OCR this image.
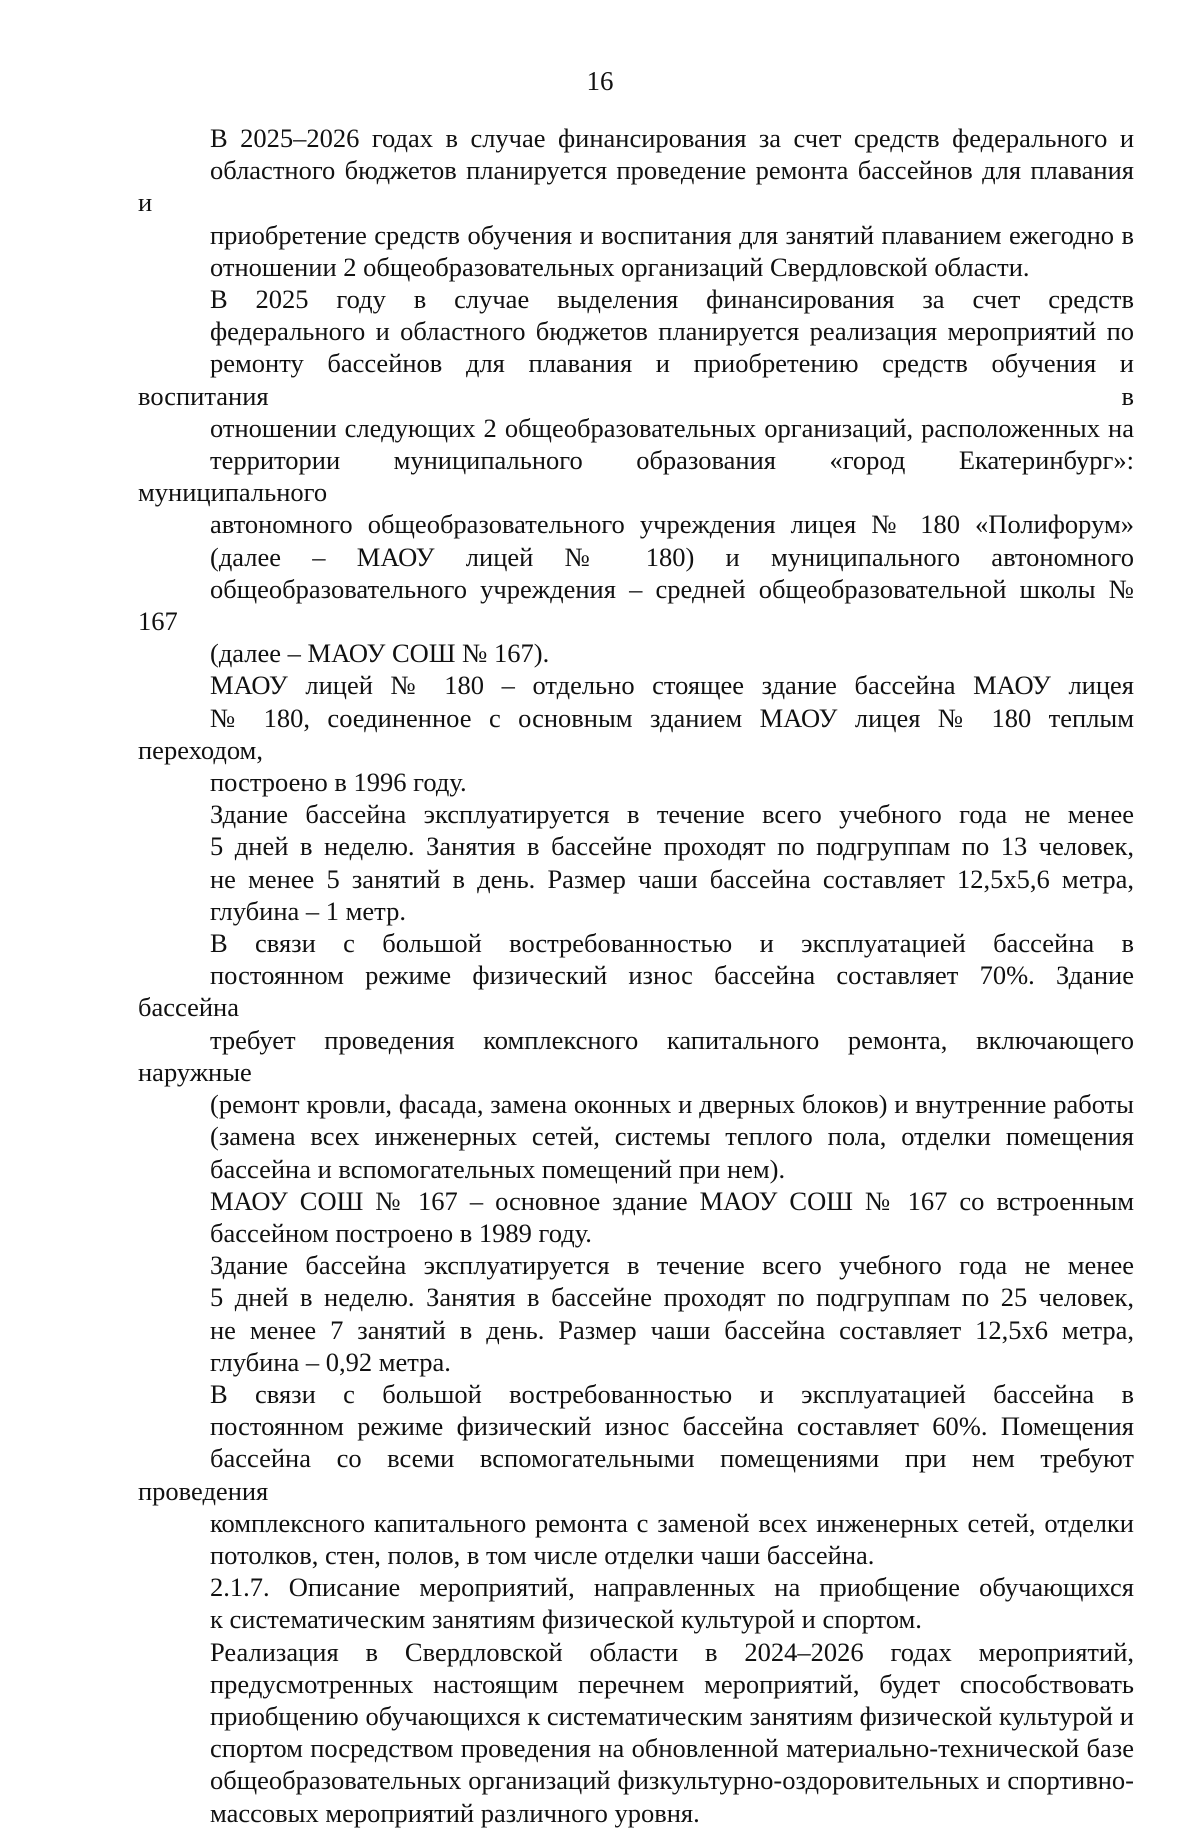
16
В 2025–2026 годах в случае финансирования за счет средств федерального и
областного бюджетов планируется проведение ремонта бассейнов для плавания и
приобретение средств обучения и воспитания для занятий плаванием ежегодно в
отношении 2 общеобразовательных организаций Свердловской области.
В 2025 году в случае выделения финансирования за счет средств
федерального и областного бюджетов планируется реализация мероприятий по
ремонту бассейнов для плавания и приобретению средств обучения и воспитания в
отношении следующих 2 общеобразовательных организаций, расположенных на
территории муниципального образования «город Екатеринбург»: муниципального
автономного общеобразовательного учреждения лицея № 180 «Полифорум»
(далее – МАОУ лицей № 180) и муниципального автономного
общеобразовательного учреждения – средней общеобразовательной школы № 167
(далее – МАОУ СОШ № 167).
МАОУ лицей № 180 – отдельно стоящее здание бассейна МАОУ лицея
№ 180, соединенное с основным зданием МАОУ лицея № 180 теплым переходом,
построено в 1996 году.
Здание бассейна эксплуатируется в течение всего учебного года не менее
5 дней в неделю. Занятия в бассейне проходят по подгруппам по 13 человек,
не менее 5 занятий в день. Размер чаши бассейна составляет 12,5х5,6 метра,
глубина – 1 метр.
В связи с большой востребованностью и эксплуатацией бассейна в
постоянном режиме физический износ бассейна составляет 70%. Здание бассейна
требует проведения комплексного капитального ремонта, включающего наружные
(ремонт кровли, фасада, замена оконных и дверных блоков) и внутренние работы
(замена всех инженерных сетей, системы теплого пола, отделки помещения
бассейна и вспомогательных помещений при нем).
МАОУ СОШ № 167 – основное здание МАОУ СОШ № 167 со встроенным
бассейном построено в 1989 году.
Здание бассейна эксплуатируется в течение всего учебного года не менее
5 дней в неделю. Занятия в бассейне проходят по подгруппам по 25 человек,
не менее 7 занятий в день. Размер чаши бассейна составляет 12,5х6 метра,
глубина – 0,92 метра.
В связи с большой востребованностью и эксплуатацией бассейна в
постоянном режиме физический износ бассейна составляет 60%. Помещения
бассейна со всеми вспомогательными помещениями при нем требуют проведения
комплексного капитального ремонта с заменой всех инженерных сетей, отделки
потолков, стен, полов, в том числе отделки чаши бассейна.
2.1.7. Описание мероприятий, направленных на приобщение обучающихся
к систематическим занятиям физической культурой и спортом.
Реализация в Свердловской области в 2024–2026 годах мероприятий,
предусмотренных настоящим перечнем мероприятий, будет способствовать
приобщению обучающихся к систематическим занятиям физической культурой и
спортом посредством проведения на обновленной материально-технической базе
общеобразовательных организаций физкультурно-оздоровительных и спортивно-
массовых мероприятий различного уровня.
